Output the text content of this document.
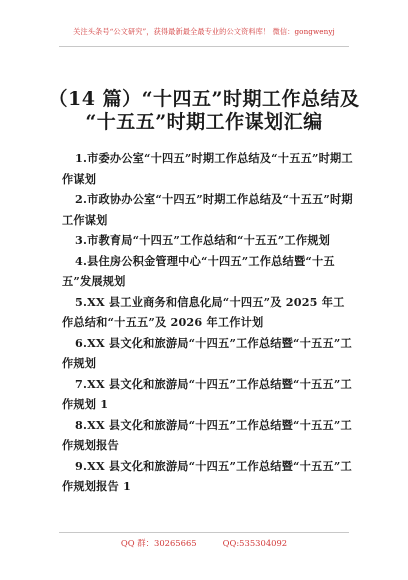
关注头条号“公文研究”，获得最新最全最专业的公文资料库！ 微信：gongwenyj
（14 篇）“十四五”时期工作总结及
“十五五”时期工作谋划汇编
1.市委办公室“十四五”时期工作总结及“十五五”时期工作谋划
2.市政协办公室“十四五”时期工作总结及“十五五”时期工作谋划
3.市教育局“十四五”工作总结和“十五五”工作规划
4.县住房公积金管理中心“十四五”工作总结暨“十五五”发展规划
5.XX 县工业商务和信息化局“十四五”及 2025 年工作总结和“十五五”及 2026 年工作计划
6.XX 县文化和旅游局“十四五”工作总结暨“十五五”工作规划
7.XX 县文化和旅游局“十四五”工作总结暨“十五五”工作规划 1
8.XX 县文化和旅游局“十四五”工作总结暨“十五五”工作规划报告
9.XX 县文化和旅游局“十四五”工作总结暨“十五五”工作规划报告 1
QQ 群：30265665	QQ:535304092
